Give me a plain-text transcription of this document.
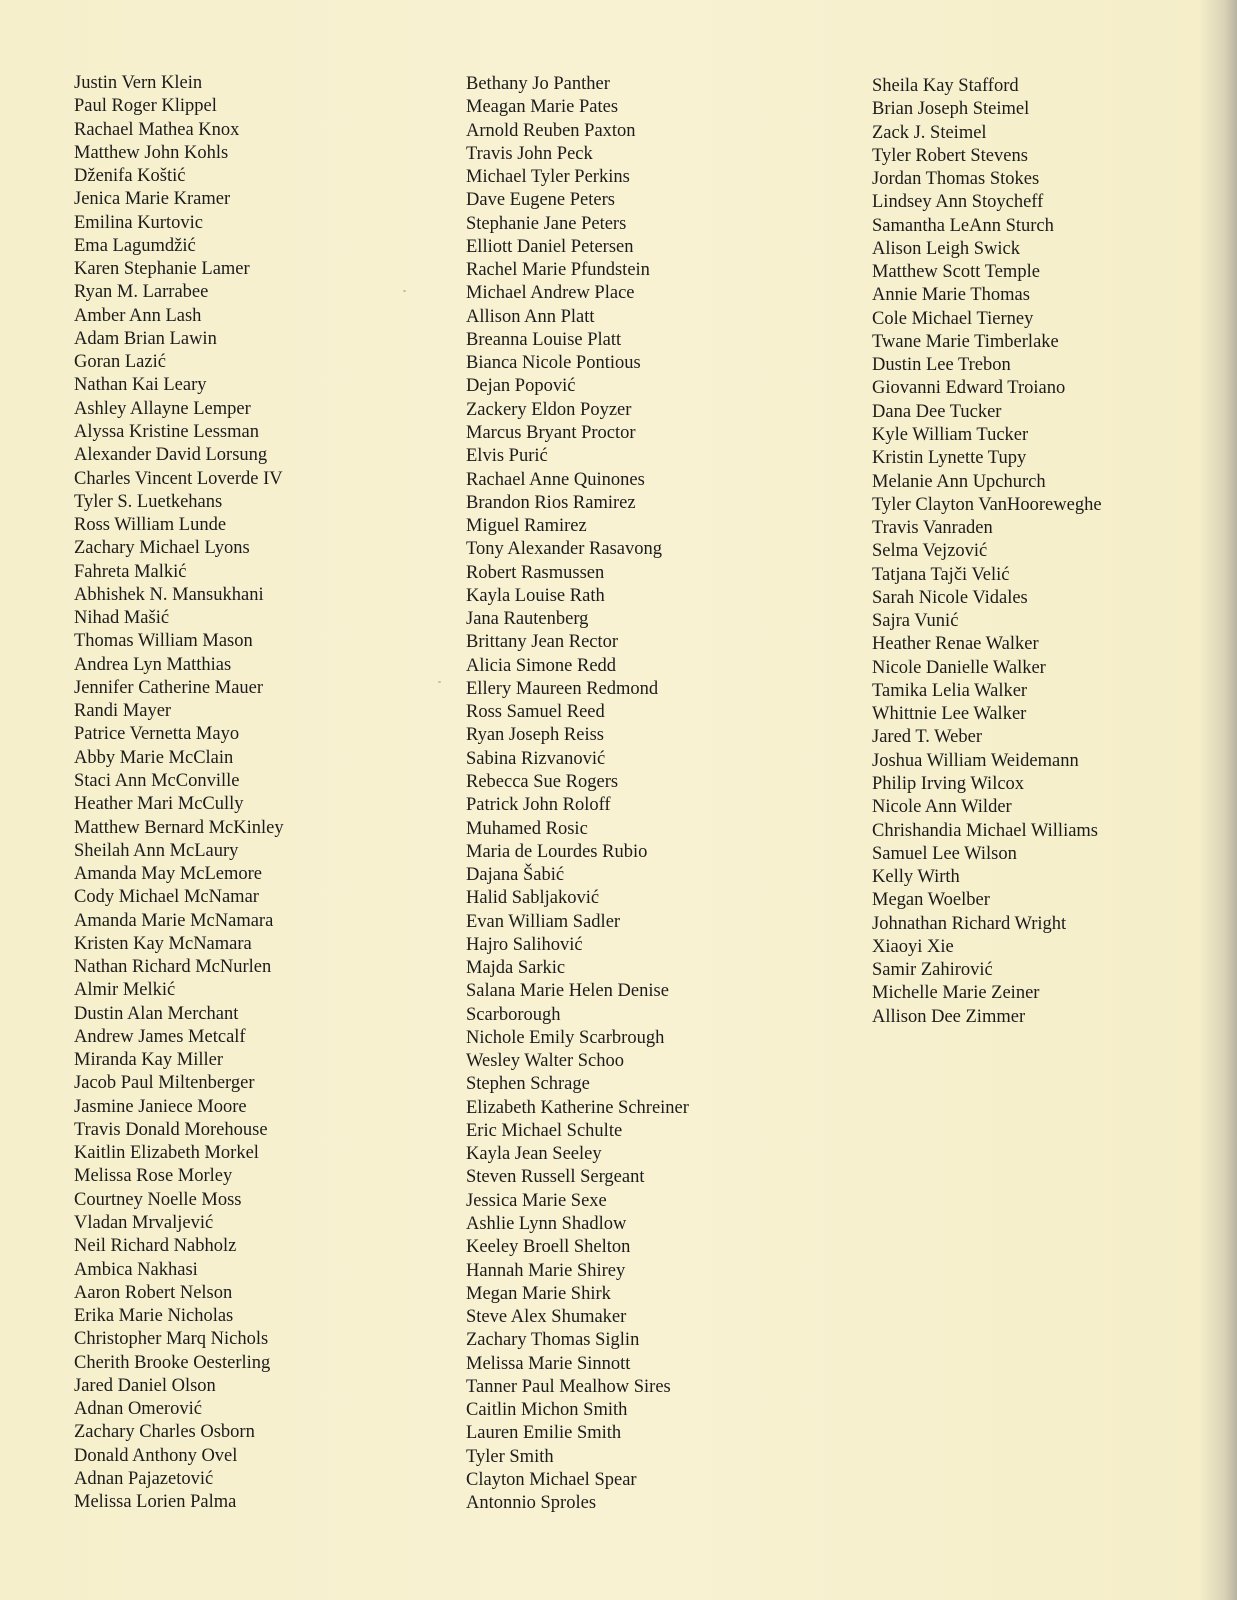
Justin Vern Klein
Paul Roger Klippel
Rachael Mathea Knox
Matthew John Kohls
Dženifa Koštić
Jenica Marie Kramer
Emilina Kurtovic
Ema Lagumdžić
Karen Stephanie Lamer
Ryan M. Larrabee
Amber Ann Lash
Adam Brian Lawin
Goran Lazić
Nathan Kai Leary
Ashley Allayne Lemper
Alyssa Kristine Lessman
Alexander David Lorsung
Charles Vincent Loverde IV
Tyler S. Luetkehans
Ross William Lunde
Zachary Michael Lyons
Fahreta Malkić
Abhishek N. Mansukhani
Nihad Mašić
Thomas William Mason
Andrea Lyn Matthias
Jennifer Catherine Mauer
Randi Mayer
Patrice Vernetta Mayo
Abby Marie McClain
Staci Ann McConville
Heather Mari McCully
Matthew Bernard McKinley
Sheilah Ann McLaury
Amanda May McLemore
Cody Michael McNamar
Amanda Marie McNamara
Kristen Kay McNamara
Nathan Richard McNurlen
Almir Melkić
Dustin Alan Merchant
Andrew James Metcalf
Miranda Kay Miller
Jacob Paul Miltenberger
Jasmine Janiece Moore
Travis Donald Morehouse
Kaitlin Elizabeth Morkel
Melissa Rose Morley
Courtney Noelle Moss
Vladan Mrvaljević
Neil Richard Nabholz
Ambica Nakhasi
Aaron Robert Nelson
Erika Marie Nicholas
Christopher Marq Nichols
Cherith Brooke Oesterling
Jared Daniel Olson
Adnan Omerović
Zachary Charles Osborn
Donald Anthony Ovel
Adnan Pajazetović
Melissa Lorien Palma
Bethany Jo Panther
Meagan Marie Pates
Arnold Reuben Paxton
Travis John Peck
Michael Tyler Perkins
Dave Eugene Peters
Stephanie Jane Peters
Elliott Daniel Petersen
Rachel Marie Pfundstein
Michael Andrew Place
Allison Ann Platt
Breanna Louise Platt
Bianca Nicole Pontious
Dejan Popović
Zackery Eldon Poyzer
Marcus Bryant Proctor
Elvis Purić
Rachael Anne Quinones
Brandon Rios Ramirez
Miguel Ramirez
Tony Alexander Rasavong
Robert Rasmussen
Kayla Louise Rath
Jana Rautenberg
Brittany Jean Rector
Alicia Simone Redd
Ellery Maureen Redmond
Ross Samuel Reed
Ryan Joseph Reiss
Sabina Rizvanović
Rebecca Sue Rogers
Patrick John Roloff
Muhamed Rosic
Maria de Lourdes Rubio
Dajana Šabić
Halid Sabljaković
Evan William Sadler
Hajro Salihović
Majda Sarkic
Salana Marie Helen Denise
Scarborough
Nichole Emily Scarbrough
Wesley Walter Schoo
Stephen Schrage
Elizabeth Katherine Schreiner
Eric Michael Schulte
Kayla Jean Seeley
Steven Russell Sergeant
Jessica Marie Sexe
Ashlie Lynn Shadlow
Keeley Broell Shelton
Hannah Marie Shirey
Megan Marie Shirk
Steve Alex Shumaker
Zachary Thomas Siglin
Melissa Marie Sinnott
Tanner Paul Mealhow Sires
Caitlin Michon Smith
Lauren Emilie Smith
Tyler Smith
Clayton Michael Spear
Antonnio Sproles
Sheila Kay Stafford
Brian Joseph Steimel
Zack J. Steimel
Tyler Robert Stevens
Jordan Thomas Stokes
Lindsey Ann Stoycheff
Samantha LeAnn Sturch
Alison Leigh Swick
Matthew Scott Temple
Annie Marie Thomas
Cole Michael Tierney
Twane Marie Timberlake
Dustin Lee Trebon
Giovanni Edward Troiano
Dana Dee Tucker
Kyle William Tucker
Kristin Lynette Tupy
Melanie Ann Upchurch
Tyler Clayton VanHooreweghe
Travis Vanraden
Selma Vejzović
Tatjana Tajči Velić
Sarah Nicole Vidales
Sajra Vunić
Heather Renae Walker
Nicole Danielle Walker
Tamika Lelia Walker
Whittnie Lee Walker
Jared T. Weber
Joshua William Weidemann
Philip Irving Wilcox
Nicole Ann Wilder
Chrishandia Michael Williams
Samuel Lee Wilson
Kelly Wirth
Megan Woelber
Johnathan Richard Wright
Xiaoyi Xie
Samir Zahirović
Michelle Marie Zeiner
Allison Dee Zimmer
